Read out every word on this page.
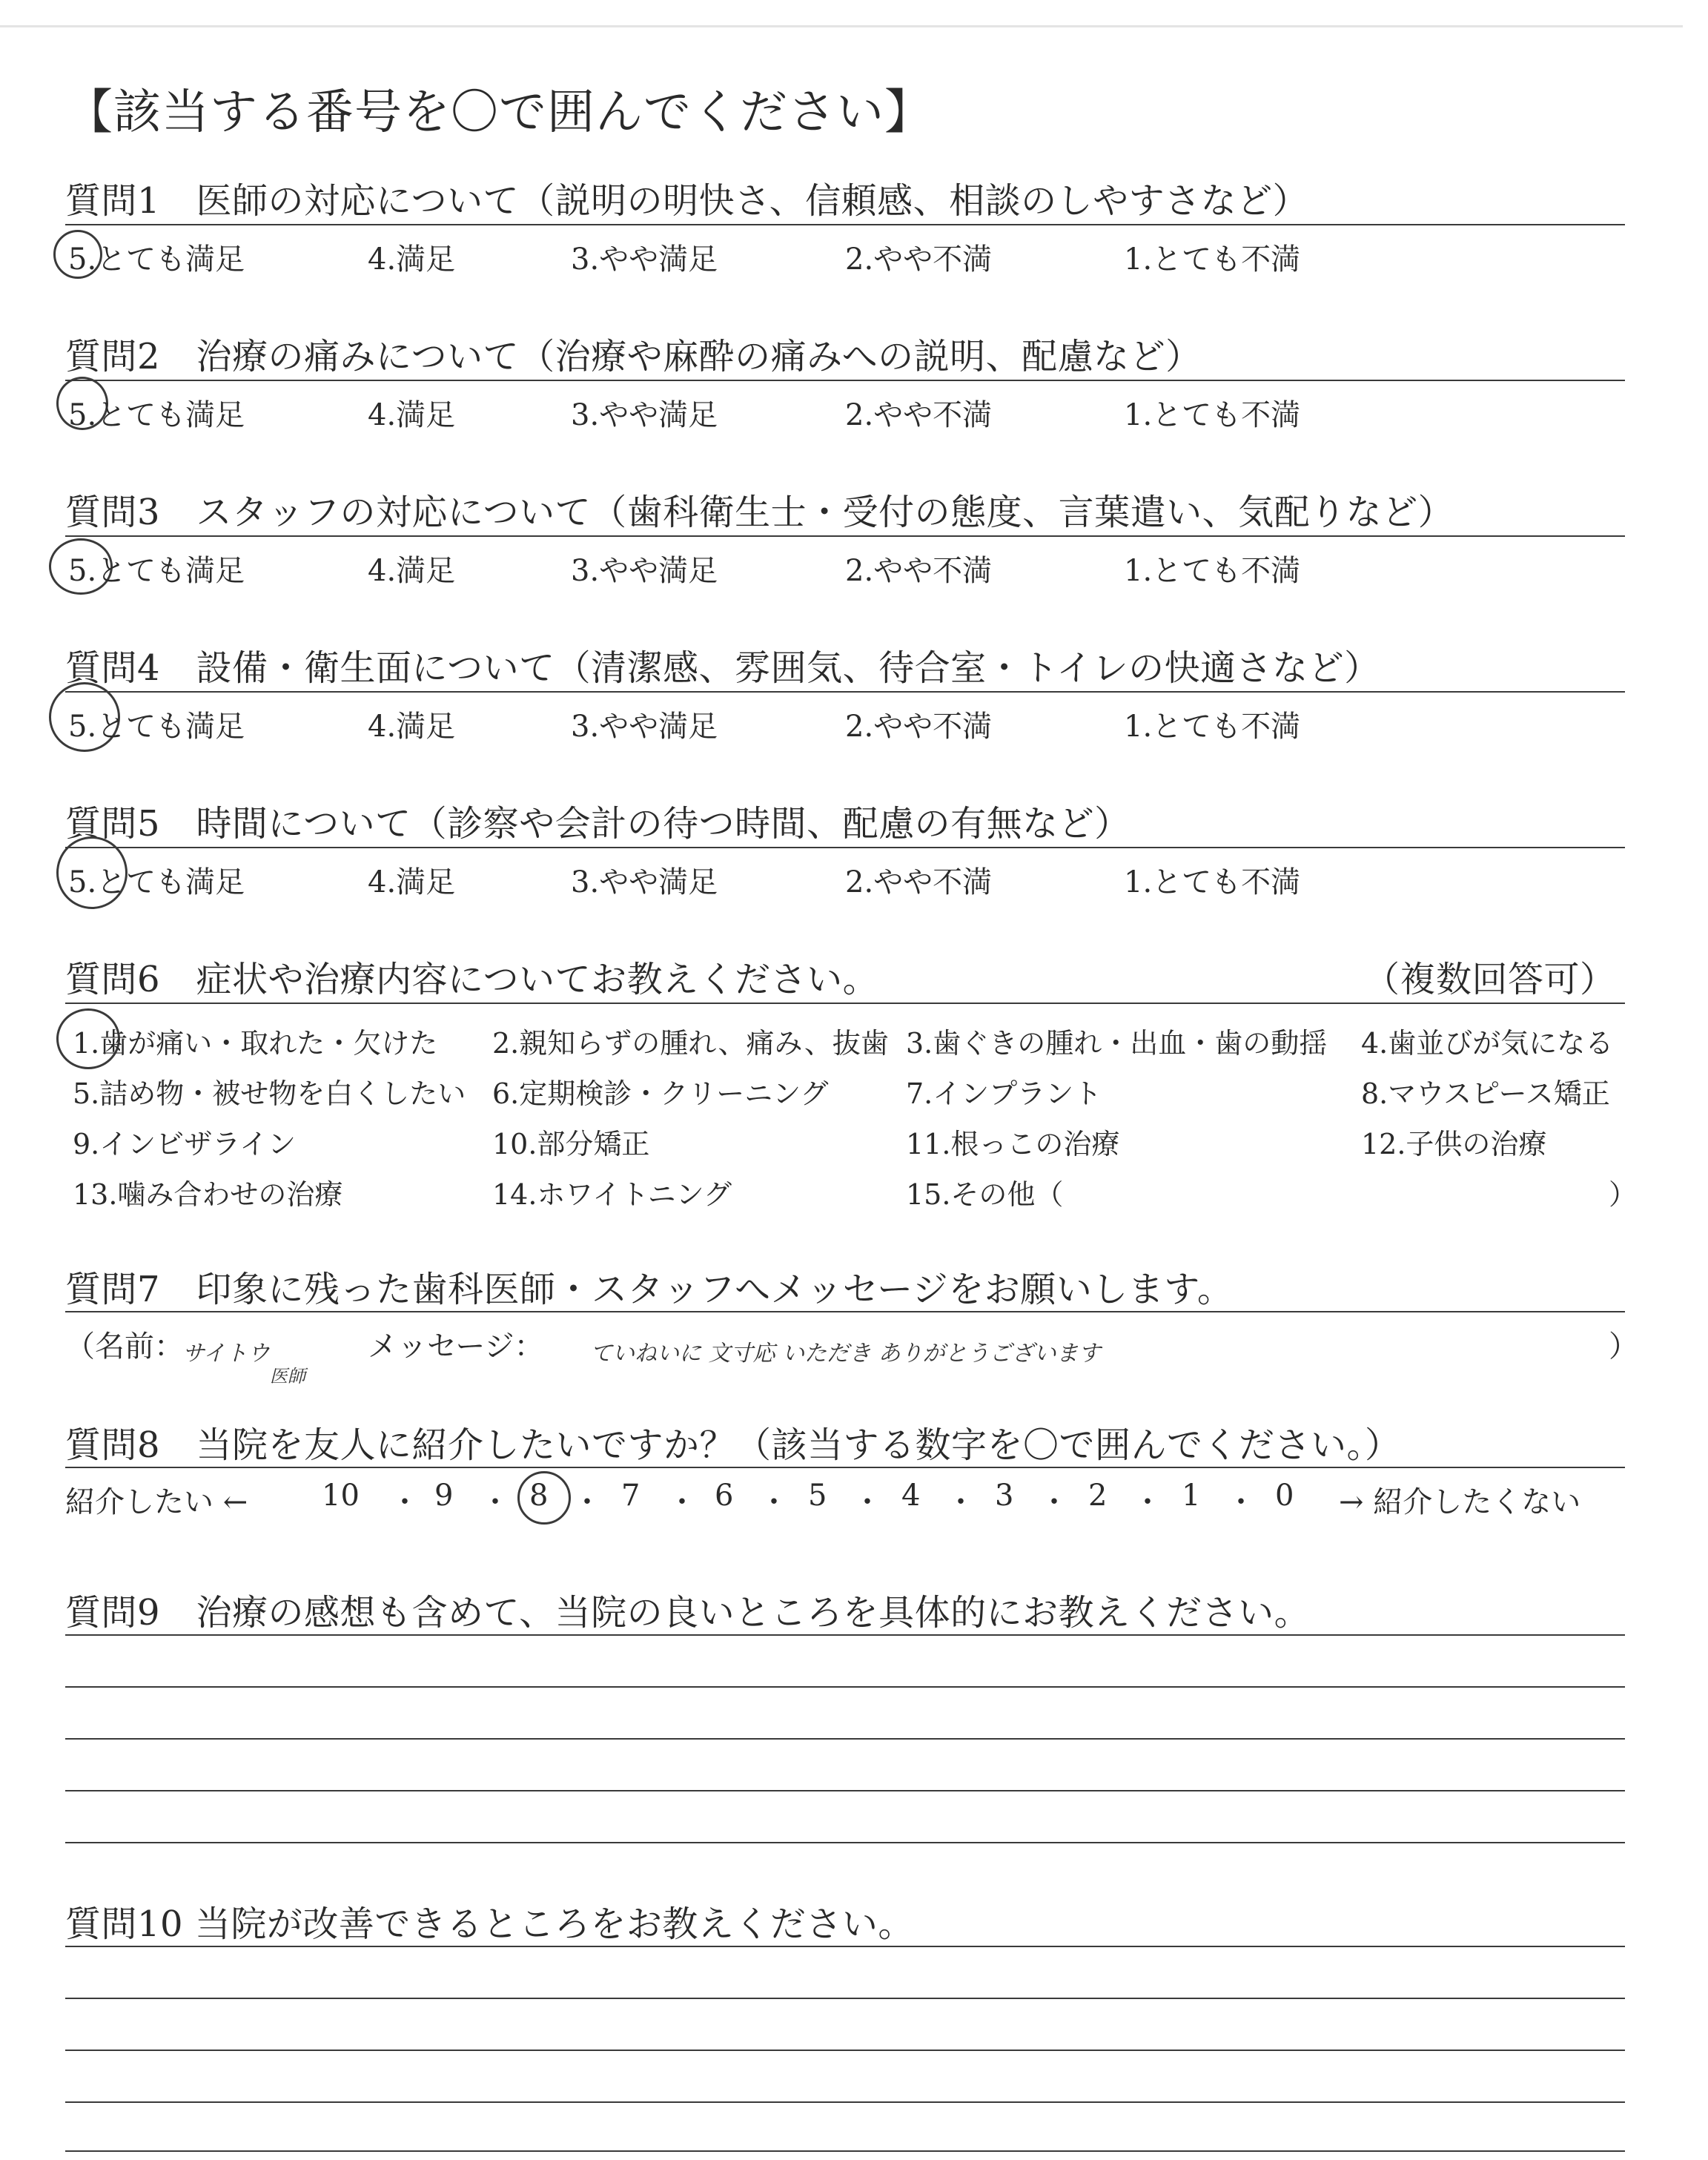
【該当する番号を〇で囲んでください】
質問1　医師の対応について（説明の明快さ、信頼感、相談のしやすさなど）
5.とても満足	4.満足	3.やや満足	2.やや不満	1.とても不満
質問2　治療の痛みについて（治療や麻酔の痛みへの説明、配慮など）
5.とても満足	4.満足	3.やや満足	2.やや不満	1.とても不満
質問3　スタッフの対応について（歯科衛生士・受付の態度、言葉遣い、気配りなど）
5.とても満足	4.満足	3.やや満足	2.やや不満	1.とても不満
質問4　設備・衛生面について（清潔感、雰囲気、待合室・トイレの快適さなど）
5.とても満足	4.満足	3.やや満足	2.やや不満	1.とても不満
質問5　時間について（診察や会計の待つ時間、配慮の有無など）
5.とても満足	4.満足	3.やや満足	2.やや不満	1.とても不満
質問6　症状や治療内容についてお教えください。	（複数回答可）
1.歯が痛い・取れた・欠けた 2.親知らずの腫れ、痛み、抜歯 3.歯ぐきの腫れ・出血・歯の動揺 4.歯並びが気になる
5.詰め物・被せ物を白くしたい 6.定期検診・クリーニング	7.インプラント	8.マウスピース矯正
9.インビザライン	10.部分矯正	11.根っこの治療	12.子供の治療
13.噛み合わせの治療	14.ホワイトニング	15.その他（	）
質問7　印象に残った歯科医師・スタッフへメッセージをお願いします。
（名前：
サイトウ
医師
メッセージ： ていねいに 文寸応 いただき ありがとうございます	）
質問8　当院を友人に紹介したいですか？（該当する数字を〇で囲んでください。）
紹介したい ← 10 ・ 9 ・ 8 ・ 7 ・ 6 ・ 5 ・ 4 ・ 3 ・ 2 ・ 1 ・ 0 → 紹介したくない
質問9　治療の感想も含めて、当院の良いところを具体的にお教えください。
質問10 当院が改善できるところをお教えください。
